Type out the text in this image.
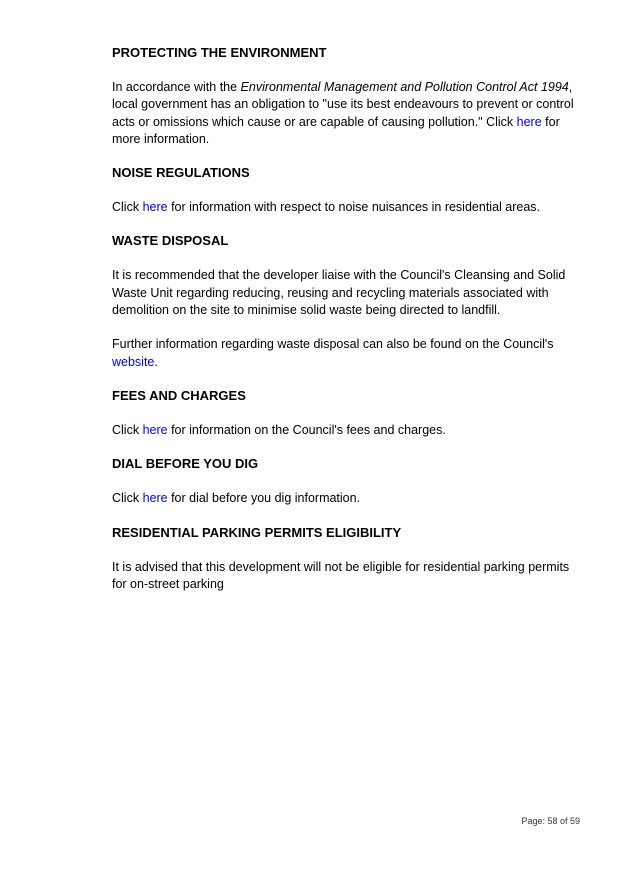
PROTECTING THE ENVIRONMENT

In accordance with the Environmental Management and Pollution Control Act 1994, local government has an obligation to "use its best endeavours to prevent or control acts or omissions which cause or are capable of causing pollution." Click here for more information.

NOISE REGULATIONS

Click here for information with respect to noise nuisances in residential areas.

WASTE DISPOSAL

It is recommended that the developer liaise with the Council's Cleansing and Solid Waste Unit regarding reducing, reusing and recycling materials associated with demolition on the site to minimise solid waste being directed to landfill.

Further information regarding waste disposal can also be found on the Council's website.

FEES AND CHARGES

Click here for information on the Council's fees and charges.

DIAL BEFORE YOU DIG

Click here for dial before you dig information.

RESIDENTIAL PARKING PERMITS ELIGIBILITY

It is advised that this development will not be eligible for residential parking permits for on-street parking

Page: 58 of 59
